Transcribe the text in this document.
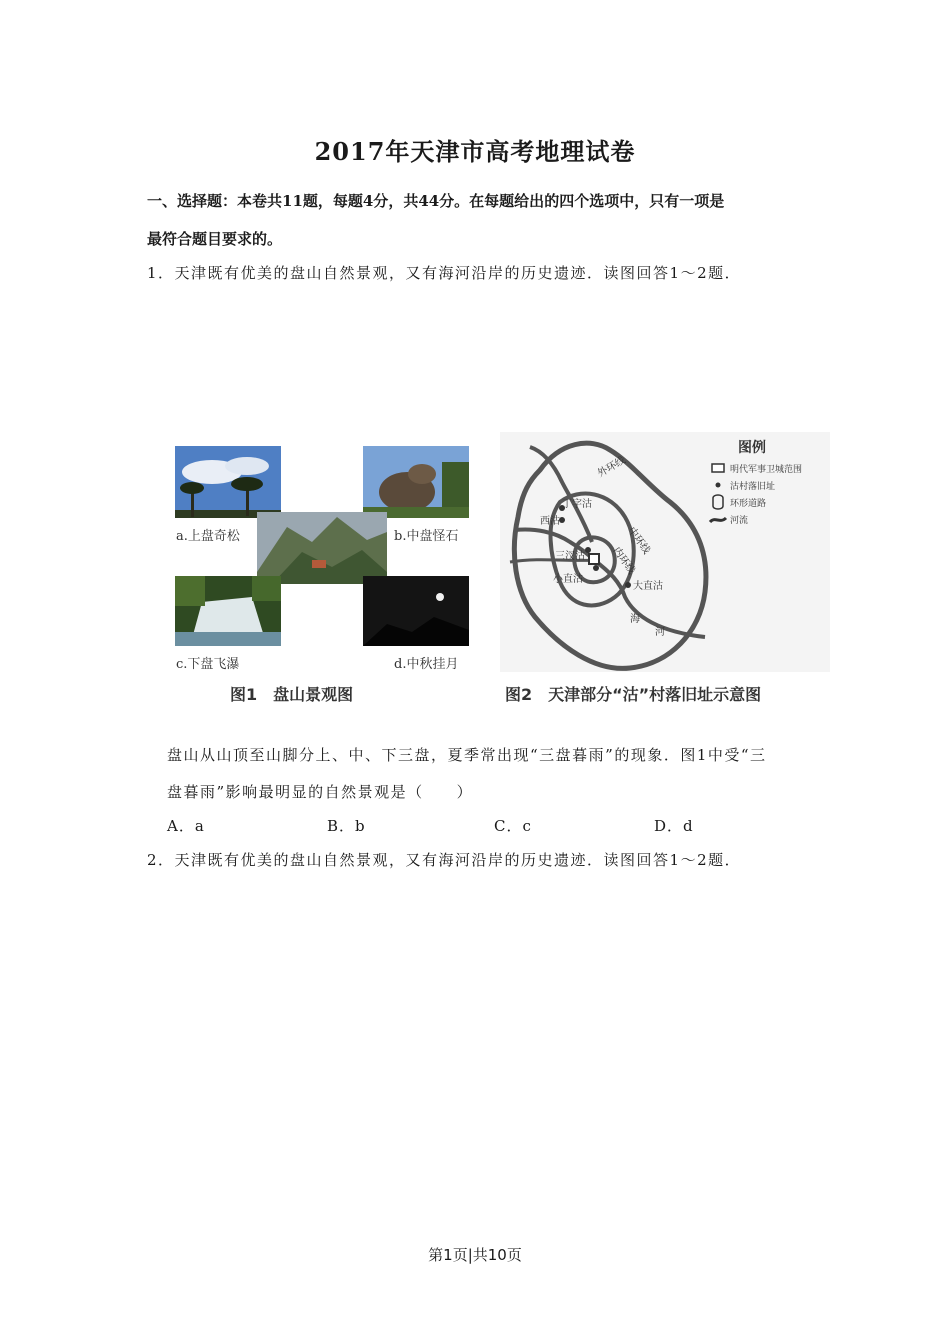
2017年天津市高考地理试卷
一、选择题：本卷共11题，每题4分，共44分。在每题给出的四个选项中，只有一项是
最符合题目要求的。
1．天津既有优美的盘山自然景观，又有海河沿岸的历史遗迹．读图回答1～2题．
a.上盘奇松	b.中盘怪石
c.下盘飞瀑	d.中秋挂月
图1　盘山景观图
外环线
中环线
内环线
丁字沽
西沽
三汊沽
小直沽
大直沽
海
河
图例
明代军事卫城范围
沽村落旧址
环形道路
河流
图2　天津部分“沽”村落旧址示意图
盘山从山顶至山脚分上、中、下三盘，夏季常出现“三盘暮雨”的现象．图1中受“三
盘暮雨”影响最明显的自然景观是（　　）
A．a	B．b	C．c	D．d
2．天津既有优美的盘山自然景观，又有海河沿岸的历史遗迹．读图回答1～2题．
第1页|共10页
